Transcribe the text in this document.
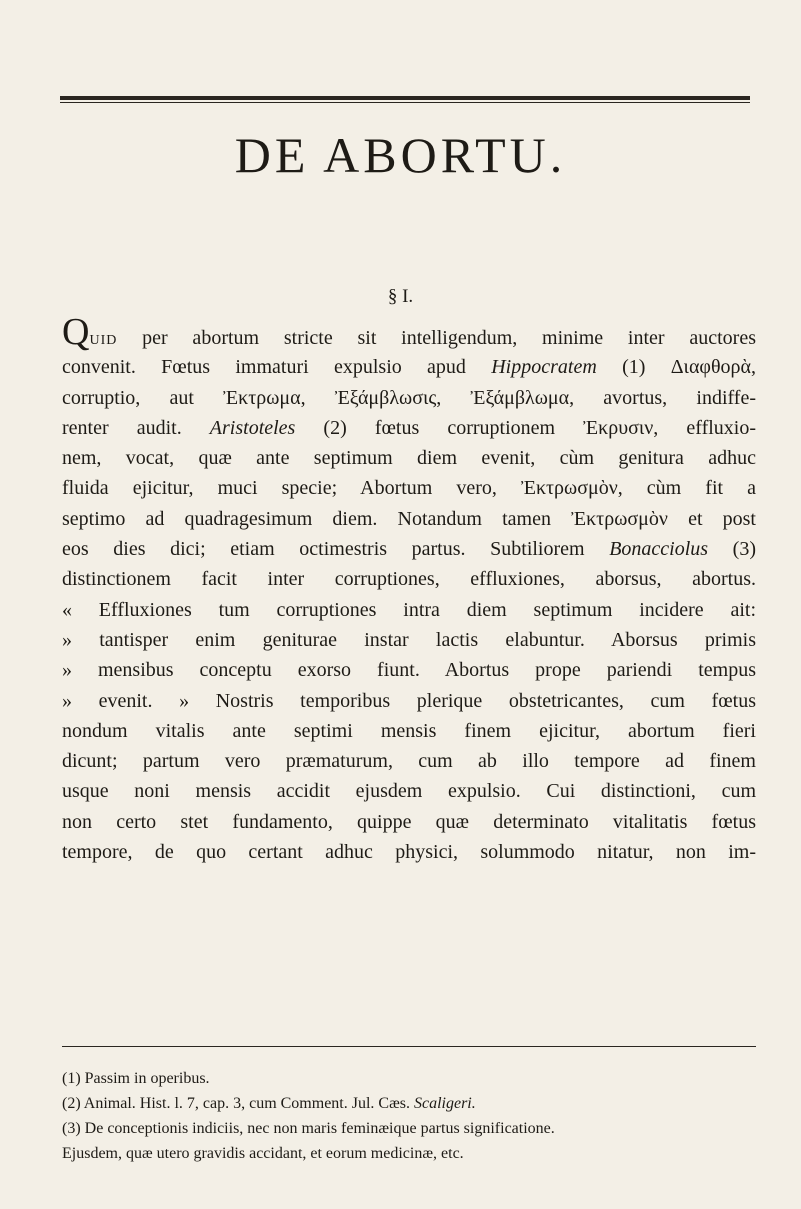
DE ABORTU.
§ I.
Quid per abortum stricte sit intelligendum, minime inter auctores
convenit. Fœtus immaturi expulsio apud Hippocratem (1) Διαφθορὰ,
corruptio, aut Ἐκτρωμα, Ἐξάμβλωσις, Ἐξάμβλωμα, avortus, indiffe-
renter audit. Aristoteles (2) fœtus corruptionem Ἐκρυσιν, effluxio-
nem, vocat, quæ ante septimum diem evenit, cùm genitura adhuc
fluida ejicitur, muci specie; Abortum vero, Ἐκτρωσμὸν, cùm fit a
septimo ad quadragesimum diem. Notandum tamen Ἐκτρωσμὸν et post
eos dies dici; etiam octimestris partus. Subtiliorem Bonacciolus (3)
distinctionem facit inter corruptiones, effluxiones, aborsus, abortus.
« Effluxiones tum corruptiones intra diem septimum incidere ait:
» tantisper enim geniturae instar lactis elabuntur. Aborsus primis
» mensibus conceptu exorso fiunt. Abortus prope pariendi tempus
» evenit. » Nostris temporibus plerique obstetricantes, cum fœtus
nondum vitalis ante septimi mensis finem ejicitur, abortum fieri
dicunt; partum vero præmaturum, cum ab illo tempore ad finem
usque noni mensis accidit ejusdem expulsio. Cui distinctioni, cum
non certo stet fundamento, quippe quæ determinato vitalitatis fœtus
tempore, de quo certant adhuc physici, solummodo nitatur, non im-
(1) Passim in operibus.
(2) Animal. Hist. l. 7, cap. 3, cum Comment. Jul. Cæs. Scaligeri.
(3) De conceptionis indiciis, nec non maris feminæique partus significatione.
Ejusdem, quæ utero gravidis accidant, et eorum medicinæ, etc.
